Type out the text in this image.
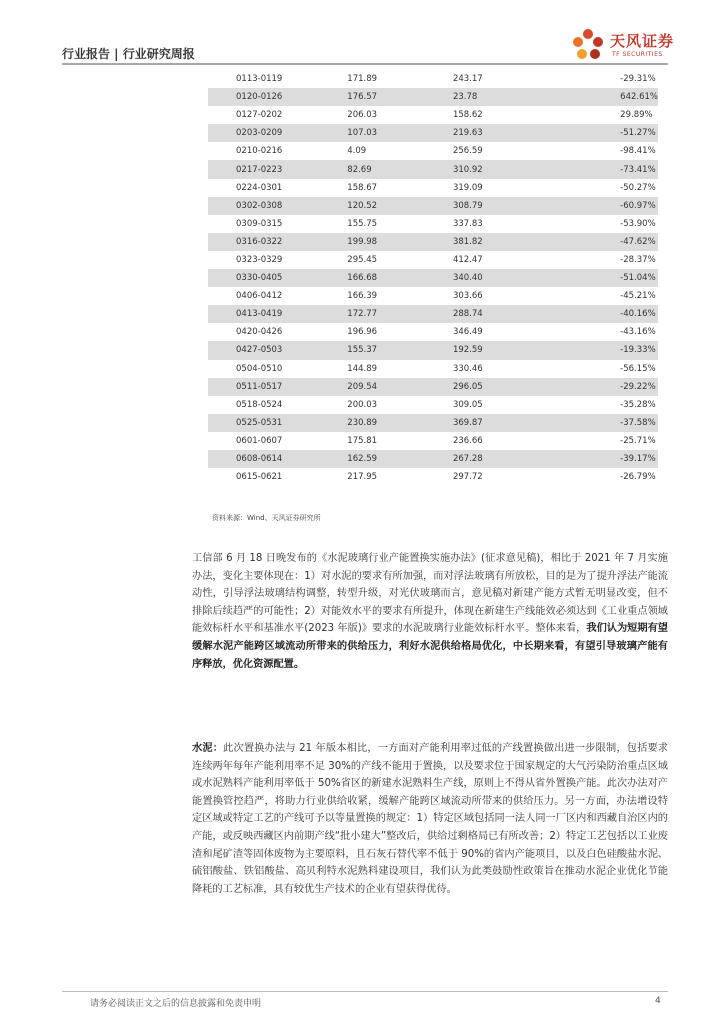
行业报告 | 行业研究周报
天风证券
TF SECURITIES
0113-0119	171.89	243.17	-29.31%
0120-0126	176.57	23.78	642.61%
0127-0202	206.03	158.62	29.89%
0203-0209	107.03	219.63	-51.27%
0210-0216	4.09	256.59	-98.41%
0217-0223	82.69	310.92	-73.41%
0224-0301	158.67	319.09	-50.27%
0302-0308	120.52	308.79	-60.97%
0309-0315	155.75	337.83	-53.90%
0316-0322	199.98	381.82	-47.62%
0323-0329	295.45	412.47	-28.37%
0330-0405	166.68	340.40	-51.04%
0406-0412	166.39	303.66	-45.21%
0413-0419	172.77	288.74	-40.16%
0420-0426	196.96	346.49	-43.16%
0427-0503	155.37	192.59	-19.33%
0504-0510	144.89	330.46	-56.15%
0511-0517	209.54	296.05	-29.22%
0518-0524	200.03	309.05	-35.28%
0525-0531	230.89	369.87	-37.58%
0601-0607	175.81	236.66	-25.71%
0608-0614	162.59	267.28	-39.17%
0615-0621	217.95	297.72	-26.79%
资料来源：Wind、天风证券研究所
工信部 6 月 18 日晚发布的《水泥玻璃行业产能置换实施办法》(征求意见稿)，相比于 2021 年 7 月实施办法，变化主要体现在：1）对水泥的要求有所加强，而对浮法玻璃有所放松，目的是为了提升浮法产能流动性，引导浮法玻璃结构调整，转型升级，对光伏玻璃而言，意见稿对新建产能方式暂无明显改变，但不排除后续趋严的可能性；2）对能效水平的要求有所提升，体现在新建生产线能效必须达到《工业重点领域能效标杆水平和基准水平(2023 年版)》要求的水泥玻璃行业能效标杆水平。整体来看，我们认为短期有望缓解水泥产能跨区域流动所带来的供给压力，利好水泥供给格局优化，中长期来看，有望引导玻璃产能有序释放，优化资源配置。
水泥：此次置换办法与 21 年版本相比，一方面对产能利用率过低的产线置换做出进一步限制，包括要求连续两年每年产能利用率不足 30%的产线不能用于置换，以及要求位于国家规定的大气污染防治重点区域或水泥熟料产能利用率低于 50%省区的新建水泥熟料生产线，原则上不得从省外置换产能。此次办法对产能置换管控趋严，将助力行业供给收紧，缓解产能跨区域流动所带来的供给压力。另一方面，办法增设特定区域或特定工艺的产线可予以等量置换的规定：1）特定区域包括同一法人同一厂区内和西藏自治区内的产能，或反映西藏区内前期产线“批小建大”整改后，供给过剩格局已有所改善；2）特定工艺包括以工业废渣和尾矿渣等固体废物为主要原料，且石灰石替代率不低于 90%的省内产能项目，以及白色硅酸盐水泥、硫铝酸盐、铁铝酸盐、高贝利特水泥熟料建设项目，我们认为此类鼓励性政策旨在推动水泥企业优化节能降耗的工艺标准，具有较优生产技术的企业有望获得优待。
请务必阅读正文之后的信息披露和免责申明	4
